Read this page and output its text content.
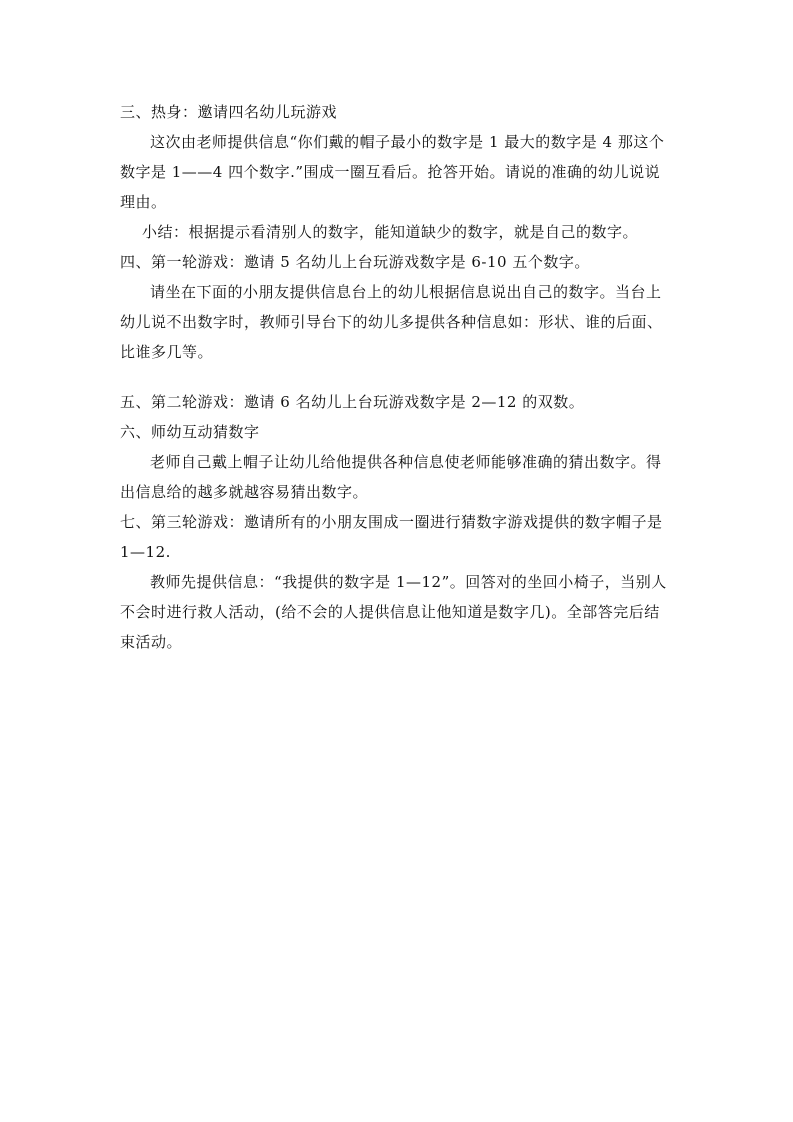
三、热身：邀请四名幼儿玩游戏
这次由老师提供信息“你们戴的帽子最小的数字是 1 最大的数字是 4 那这个
数字是 1——4 四个数字.”围成一圈互看后。抢答开始。请说的准确的幼儿说说
理由。
小结：根据提示看清别人的数字，能知道缺少的数字，就是自己的数字。
四、第一轮游戏：邀请 5 名幼儿上台玩游戏数字是 6-10 五个数字。
请坐在下面的小朋友提供信息台上的幼儿根据信息说出自己的数字。当台上
幼儿说不出数字时，教师引导台下的幼儿多提供各种信息如：形状、谁的后面、
比谁多几等。
五、第二轮游戏：邀请 6 名幼儿上台玩游戏数字是 2—12 的双数。
六、师幼互动猜数字
老师自己戴上帽子让幼儿给他提供各种信息使老师能够准确的猜出数字。得
出信息给的越多就越容易猜出数字。
七、第三轮游戏：邀请所有的小朋友围成一圈进行猜数字游戏提供的数字帽子是
1—12.
教师先提供信息：“我提供的数字是 1—12”。回答对的坐回小椅子，当别人
不会时进行救人活动，(给不会的人提供信息让他知道是数字几)。全部答完后结
束活动。
